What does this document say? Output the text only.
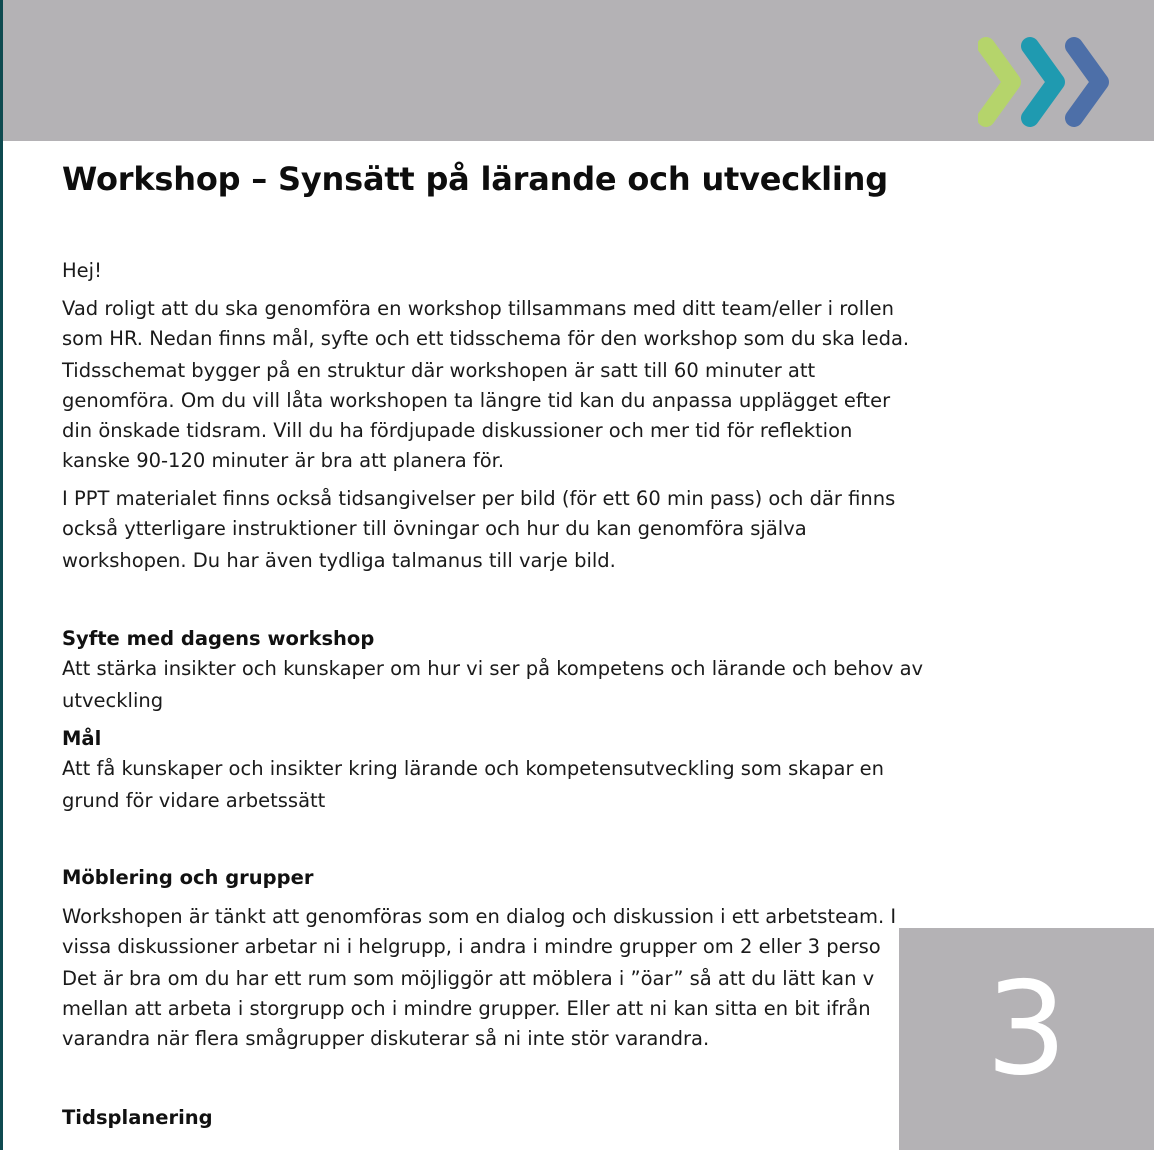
Workshop – Synsätt på lärande och utveckling

Hej!

Vad roligt att du ska genomföra en workshop tillsammans med ditt team/eller i rollen

som HR. Nedan finns mål, syfte och ett tidsschema för den workshop som du ska leda.

Tidsschemat bygger på en struktur där workshopen är satt till 60 minuter att

genomföra. Om du vill låta workshopen ta längre tid kan du anpassa upplägget efter

din önskade tidsram. Vill du ha fördjupade diskussioner och mer tid för reflektion

kanske 90-120 minuter är bra att planera för.

I PPT materialet finns också tidsangivelser per bild (för ett 60 min pass) och där finns

också ytterligare instruktioner till övningar och hur du kan genomföra själva

workshopen. Du har även tydliga talmanus till varje bild.

Syfte med dagens workshop

Att stärka insikter och kunskaper om hur vi ser på kompetens och lärande och behov av

utveckling

Mål

Att få kunskaper och insikter kring lärande och kompetensutveckling som skapar en

grund för vidare arbetssätt

Möblering och grupper

Workshopen är tänkt att genomföras som en dialog och diskussion i ett arbetsteam. I

vissa diskussioner arbetar ni i helgrupp, i andra i mindre grupper om 2 eller 3 perso

Det är bra om du har ett rum som möjliggör att möblera i ”öar” så att du lätt kan v

mellan att arbeta i storgrupp och i mindre grupper. Eller att ni kan sitta en bit ifrån

varandra när flera smågrupper diskuterar så ni inte stör varandra.

Tidsplanering
3
